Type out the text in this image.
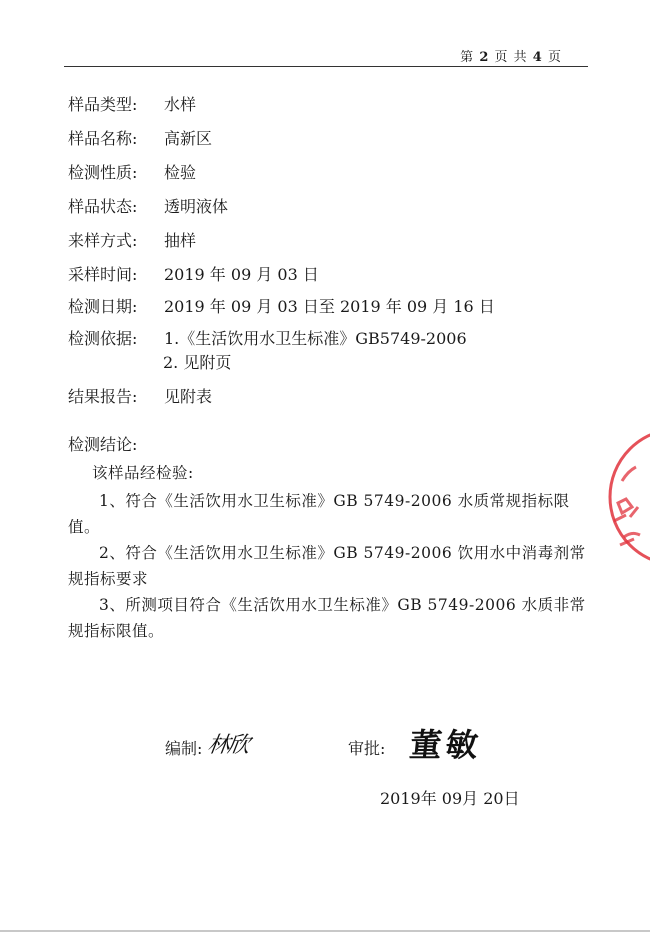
第 2 页 共 4 页
样品类型: 水样
样品名称: 高新区
检测性质: 检验
样品状态: 透明液体
来样方式: 抽样
采样时间: 2019 年 09 月 03 日
检测日期: 2019 年 09 月 03 日至 2019 年 09 月 16 日
检测依据: 1.《生活饮用水卫生标准》GB5749-2006
2. 见附页
结果报告: 见附表
检测结论:
该样品经检验:
1、符合《生活饮用水卫生标准》GB 5749-2006 水质常规指标限值。
2、符合《生活饮用水卫生标准》GB 5749-2006 饮用水中消毒剂常规指标要求
3、所测项目符合《生活饮用水卫生标准》GB 5749-2006 水质非常规指标限值。
编制: 林欣	审批: 董敏
2019年 09月 20日
